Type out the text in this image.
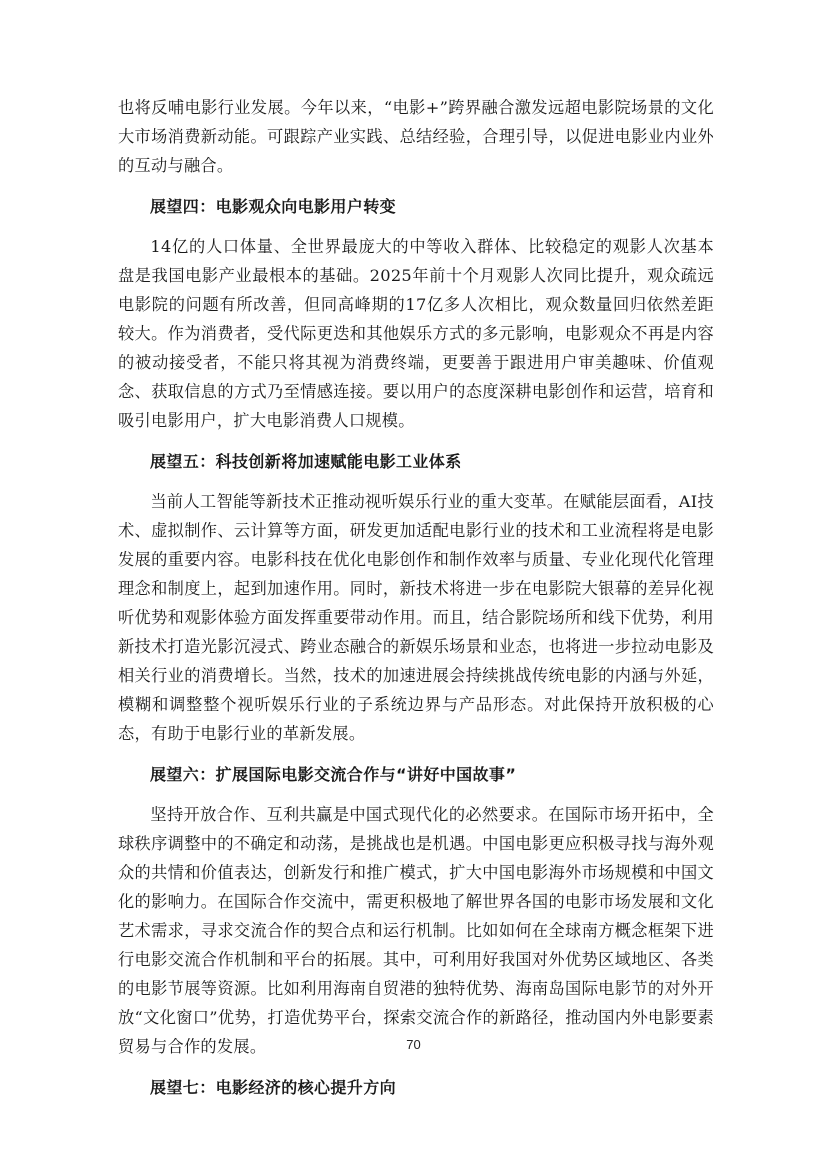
也将反哺电影行业发展。今年以来，“电影+”跨界融合激发远超电影院场景的文化大市场消费新动能。可跟踪产业实践、总结经验，合理引导，以促进电影业内业外的互动与融合。

展望四：电影观众向电影用户转变

14亿的人口体量、全世界最庞大的中等收入群体、比较稳定的观影人次基本盘是我国电影产业最根本的基础。2025年前十个月观影人次同比提升，观众疏远电影院的问题有所改善，但同高峰期的17亿多人次相比，观众数量回归依然差距较大。作为消费者，受代际更迭和其他娱乐方式的多元影响，电影观众不再是内容的被动接受者，不能只将其视为消费终端，更要善于跟进用户审美趣味、价值观念、获取信息的方式乃至情感连接。要以用户的态度深耕电影创作和运营，培育和吸引电影用户，扩大电影消费人口规模。

展望五：科技创新将加速赋能电影工业体系

当前人工智能等新技术正推动视听娱乐行业的重大变革。在赋能层面看，AI技术、虚拟制作、云计算等方面，研发更加适配电影行业的技术和工业流程将是电影发展的重要内容。电影科技在优化电影创作和制作效率与质量、专业化现代化管理理念和制度上，起到加速作用。同时，新技术将进一步在电影院大银幕的差异化视听优势和观影体验方面发挥重要带动作用。而且，结合影院场所和线下优势，利用新技术打造光影沉浸式、跨业态融合的新娱乐场景和业态，也将进一步拉动电影及相关行业的消费增长。当然，技术的加速进展会持续挑战传统电影的内涵与外延，模糊和调整整个视听娱乐行业的子系统边界与产品形态。对此保持开放积极的心态，有助于电影行业的革新发展。

展望六：扩展国际电影交流合作与“讲好中国故事”

坚持开放合作、互利共赢是中国式现代化的必然要求。在国际市场开拓中，全球秩序调整中的不确定和动荡，是挑战也是机遇。中国电影更应积极寻找与海外观众的共情和价值表达，创新发行和推广模式，扩大中国电影海外市场规模和中国文化的影响力。在国际合作交流中，需更积极地了解世界各国的电影市场发展和文化艺术需求，寻求交流合作的契合点和运行机制。比如如何在全球南方概念框架下进行电影交流合作机制和平台的拓展。其中，可利用好我国对外优势区域地区、各类的电影节展等资源。比如利用海南自贸港的独特优势、海南岛国际电影节的对外开放“文化窗口”优势，打造优势平台，探索交流合作的新路径，推动国内外电影要素贸易与合作的发展。

展望七：电影经济的核心提升方向

70
